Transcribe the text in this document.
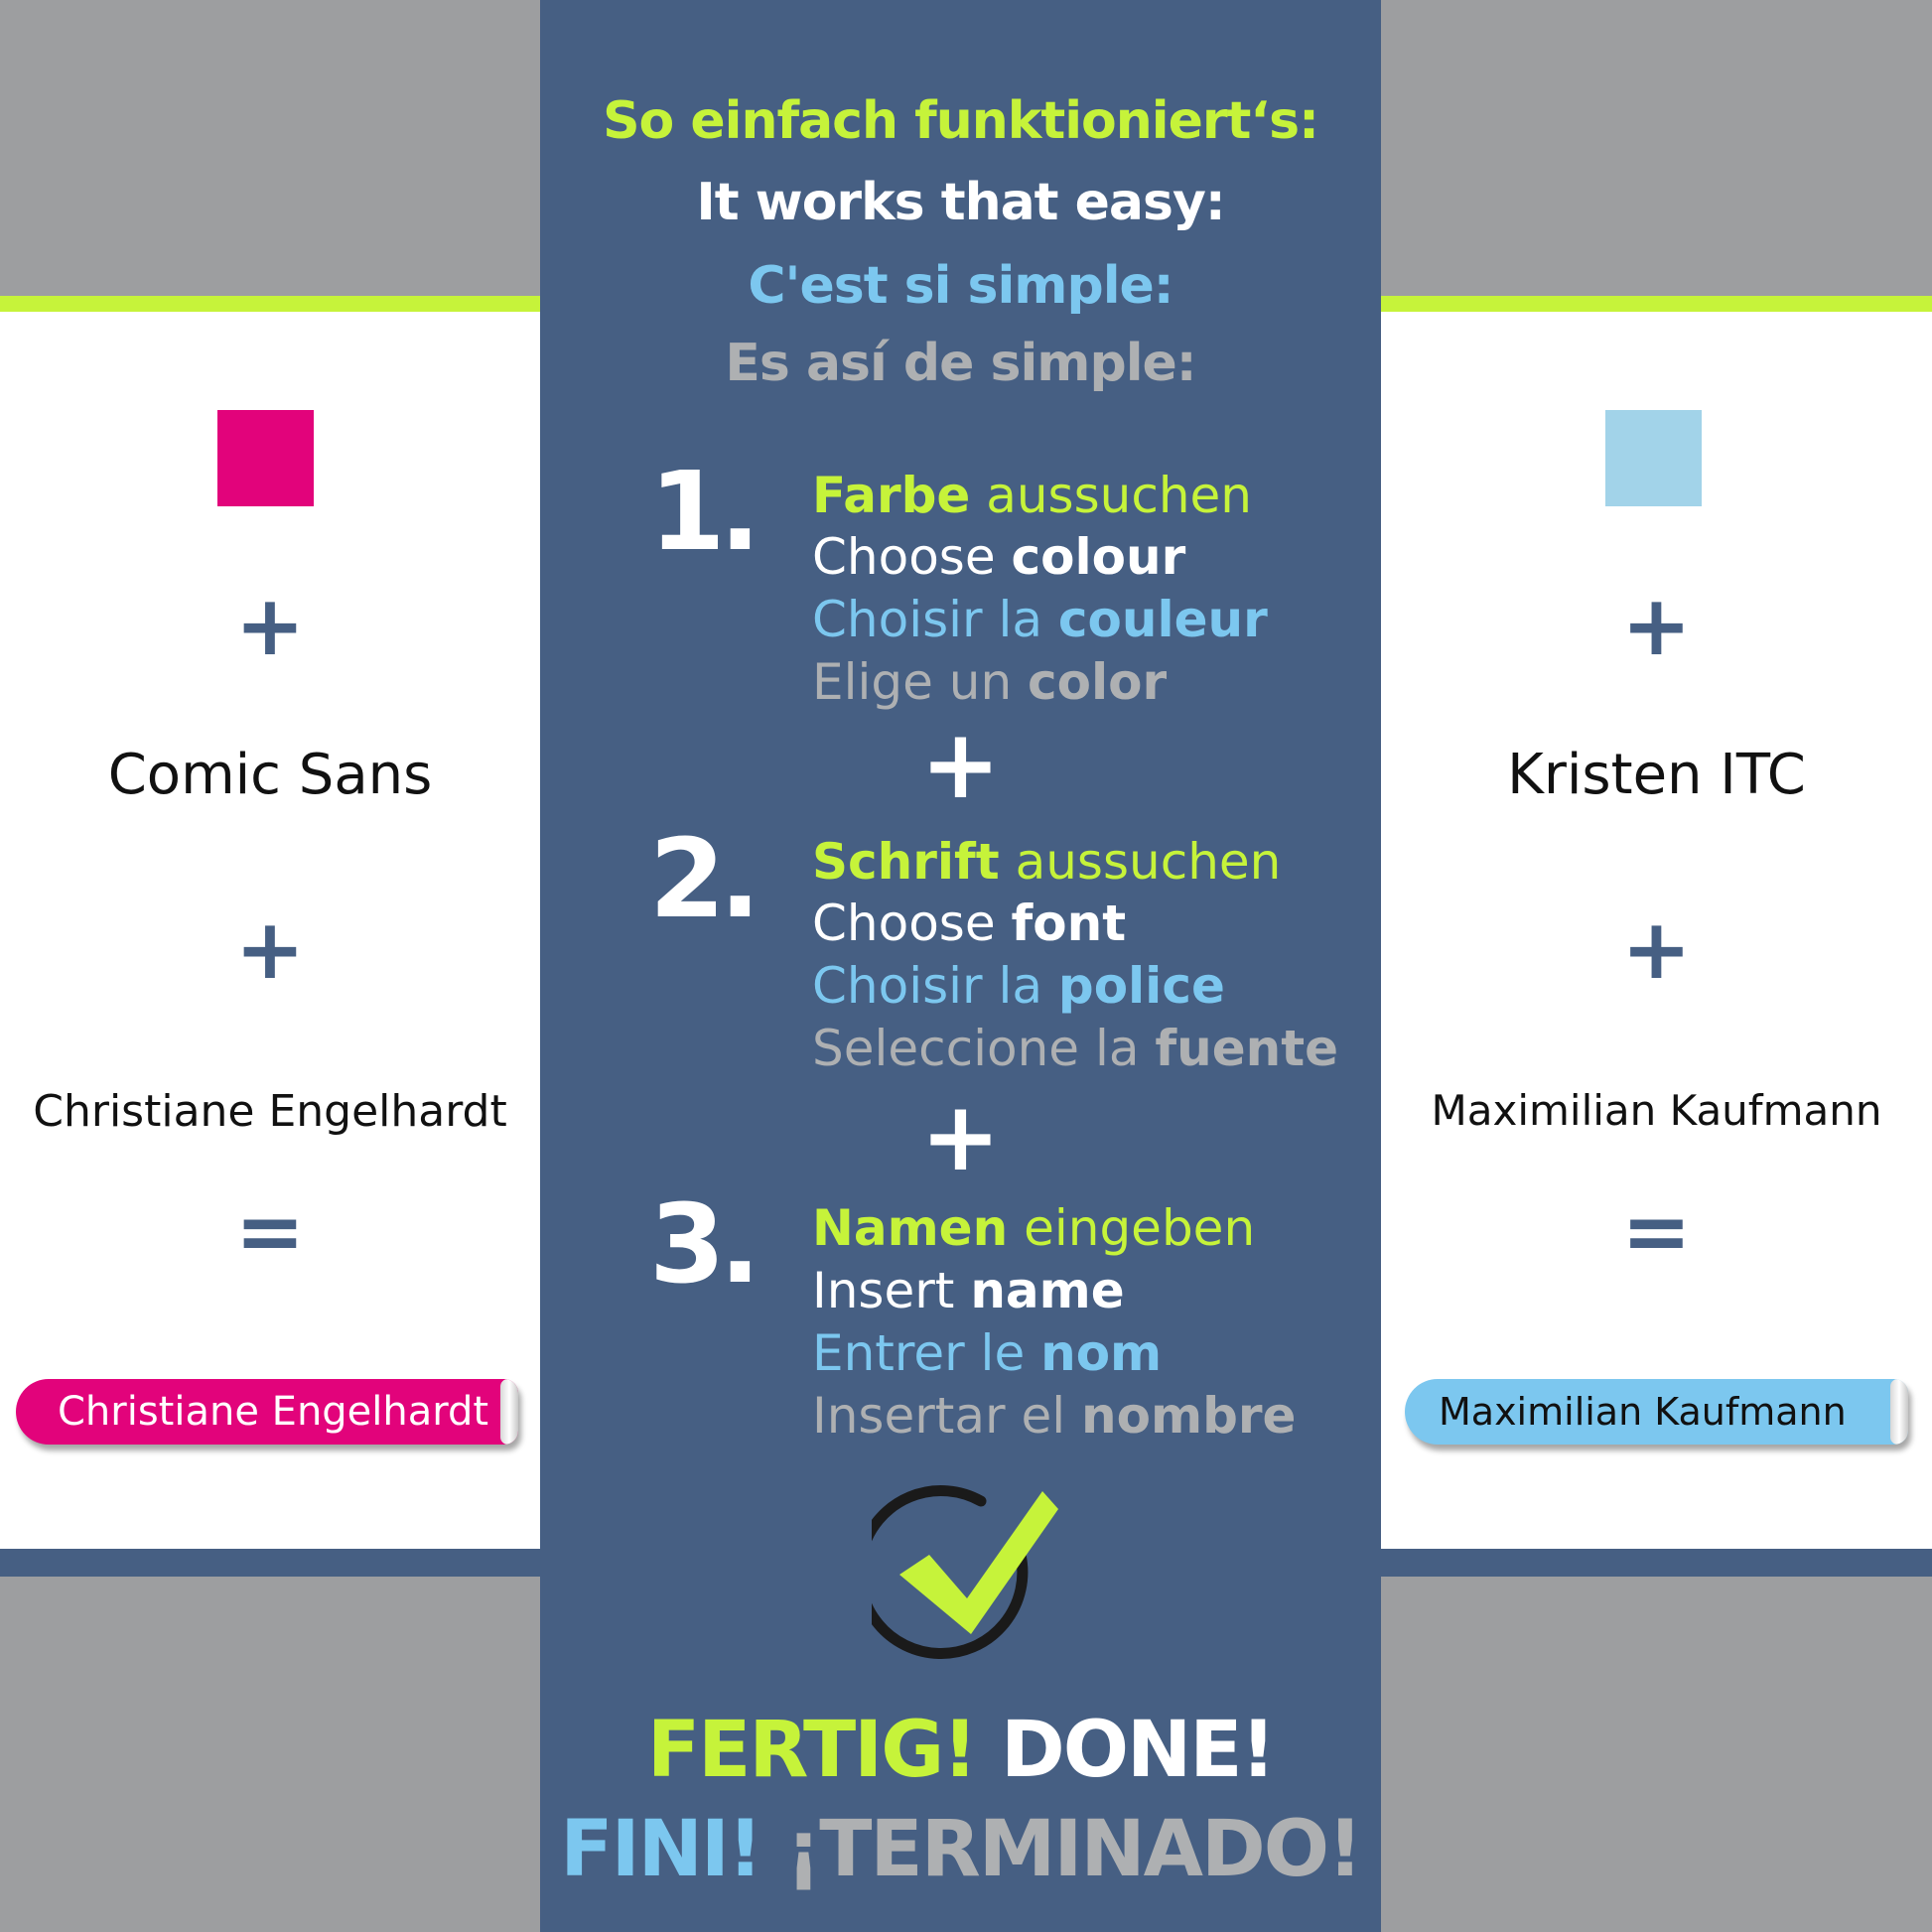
+
Comic Sans
+
Christiane Engelhardt
=
Christiane Engelhardt
+
Kristen ITC
+
Maximilian Kaufmann
=
Maximilian Kaufmann
So einfach funktioniert‘s:
It works that easy:
C'est si simple:
Es así de simple:
1. Farbe aussuchen
Choose colour
Choisir la couleur
Elige un color
+
2. Schrift aussuchen
Choose font
Choisir la police
Seleccione la fuente
+
3. Namen eingeben
Insert name
Entrer le nom
Insertar el nombre
FERTIG! DONE!
FINI! ¡TERMINADO!
